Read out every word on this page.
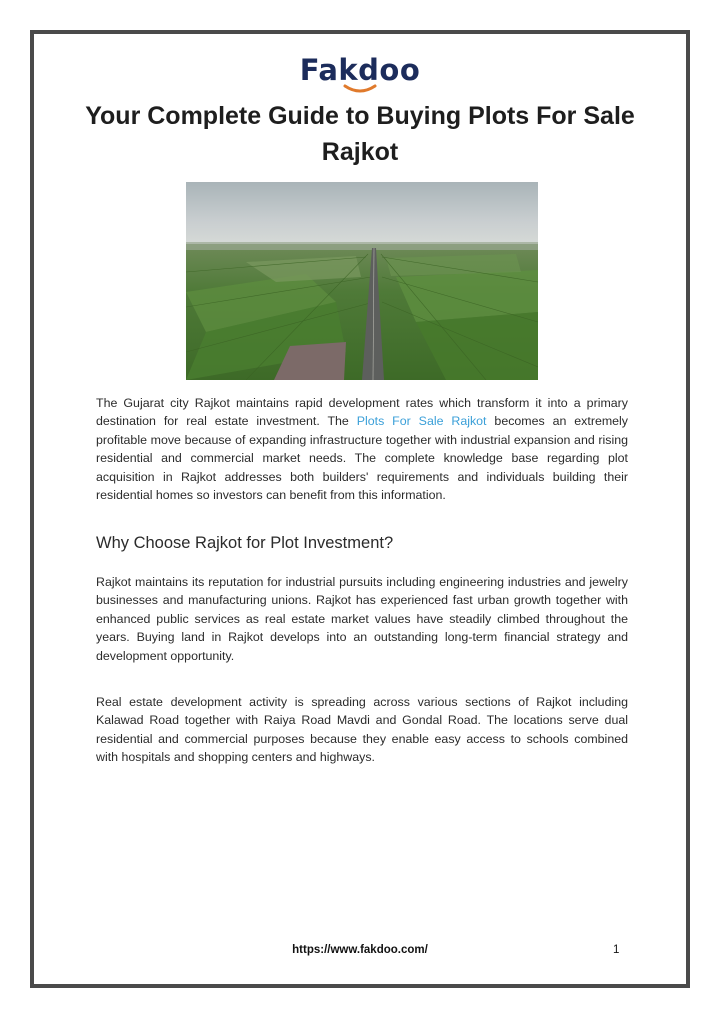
Fakdoo
Your Complete Guide to Buying Plots For Sale Rajkot

The Gujarat city Rajkot maintains rapid development rates which transform it into a primary destination for real estate investment. The Plots For Sale Rajkot becomes an extremely profitable move because of expanding infrastructure together with industrial expansion and rising residential and commercial market needs. The complete knowledge base regarding plot acquisition in Rajkot addresses both builders' requirements and individuals building their residential homes so investors can benefit from this information.

Why Choose Rajkot for Plot Investment?

Rajkot maintains its reputation for industrial pursuits including engineering industries and jewelry businesses and manufacturing unions. Rajkot has experienced fast urban growth together with enhanced public services as real estate market values have steadily climbed throughout the years. Buying land in Rajkot develops into an outstanding long-term financial strategy and development opportunity.

Real estate development activity is spreading across various sections of Rajkot including Kalawad Road together with Raiya Road Mavdi and Gondal Road. The locations serve dual residential and commercial purposes because they enable easy access to schools combined with hospitals and shopping centers and highways.

https://www.fakdoo.com/	1
